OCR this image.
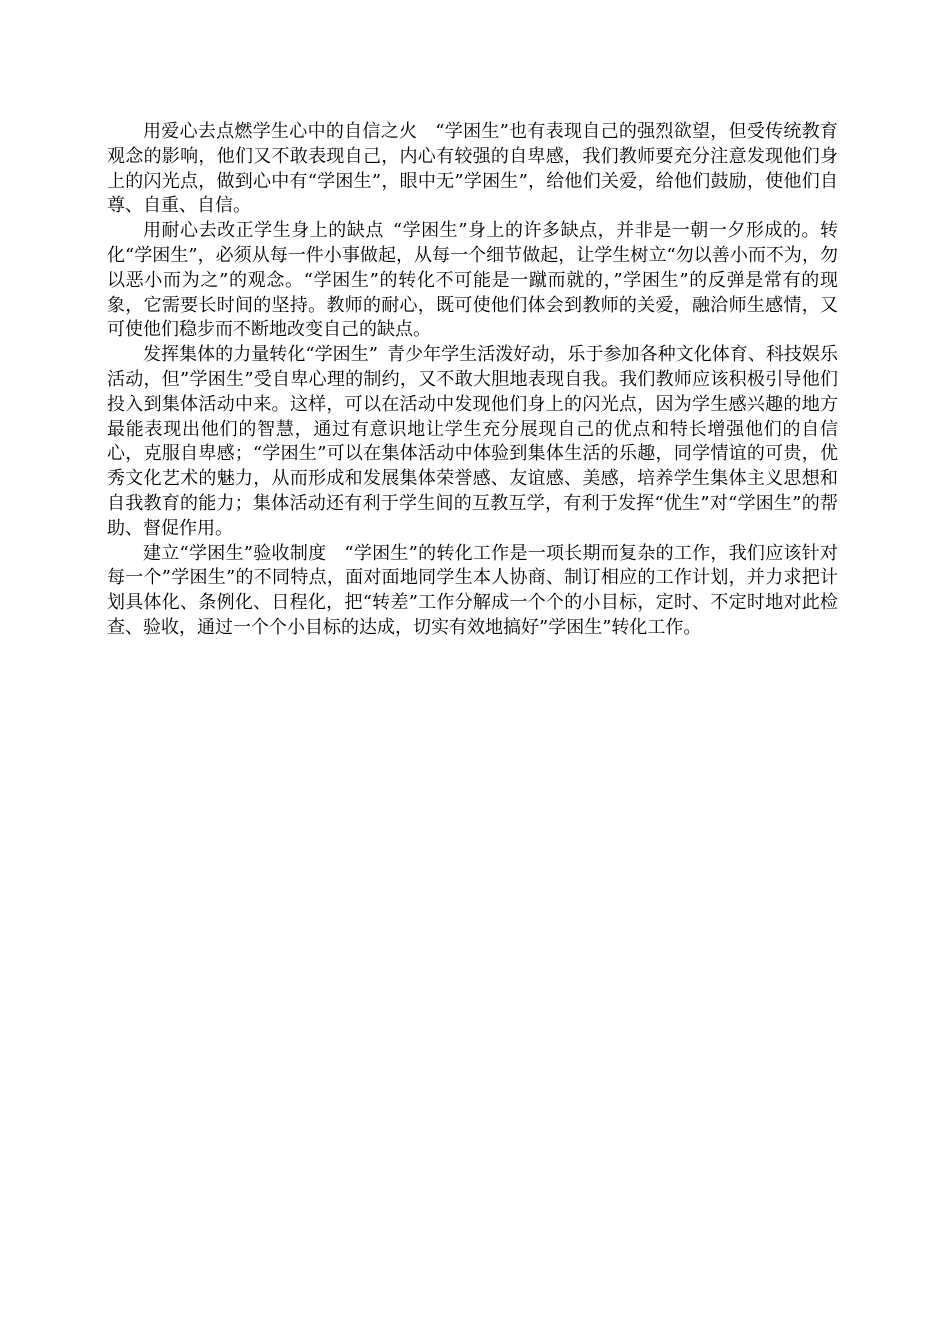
用爱心去点燃学生心中的自信之火  “学困生”也有表现自己的强烈欲望，但受传统教育观念的影响，他们又不敢表现自己，内心有较强的自卑感，我们教师要充分注意发现他们身上的闪光点，做到心中有“学困生”，眼中无”学困生”，给他们关爱，给他们鼓励，使他们自尊、自重、自信。

用耐心去改正学生身上的缺点  “学困生”身上的许多缺点，并非是一朝一夕形成的。转化“学困生”，必须从每一件小事做起，从每一个细节做起，让学生树立“勿以善小而不为，勿以恶小而为之”的观念。“学困生”的转化不可能是一蹴而就的，”学困生”的反弹是常有的现象，它需要长时间的坚持。教师的耐心，既可使他们体会到教师的关爱，融洽师生感情，又可使他们稳步而不断地改变自己的缺点。

发挥集体的力量转化“学困生”  青少年学生活泼好动，乐于参加各种文化体育、科技娱乐活动，但”学困生”受自卑心理的制约，又不敢大胆地表现自我。我们教师应该积极引导他们投入到集体活动中来。这样，可以在活动中发现他们身上的闪光点，因为学生感兴趣的地方最能表现出他们的智慧，通过有意识地让学生充分展现自己的优点和特长增强他们的自信心，克服自卑感；“学困生”可以在集体活动中体验到集体生活的乐趣，同学情谊的可贵，优秀文化艺术的魅力，从而形成和发展集体荣誉感、友谊感、美感，培养学生集体主义思想和自我教育的能力；集体活动还有利于学生间的互教互学，有利于发挥“优生”对“学困生”的帮助、督促作用。

建立“学困生”验收制度  “学困生”的转化工作是一项长期而复杂的工作，我们应该针对每一个”学困生”的不同特点，面对面地同学生本人协商、制订相应的工作计划，并力求把计划具体化、条例化、日程化，把“转差”工作分解成一个个的小目标，定时、不定时地对此检查、验收，通过一个个小目标的达成，切实有效地搞好”学困生”转化工作。
